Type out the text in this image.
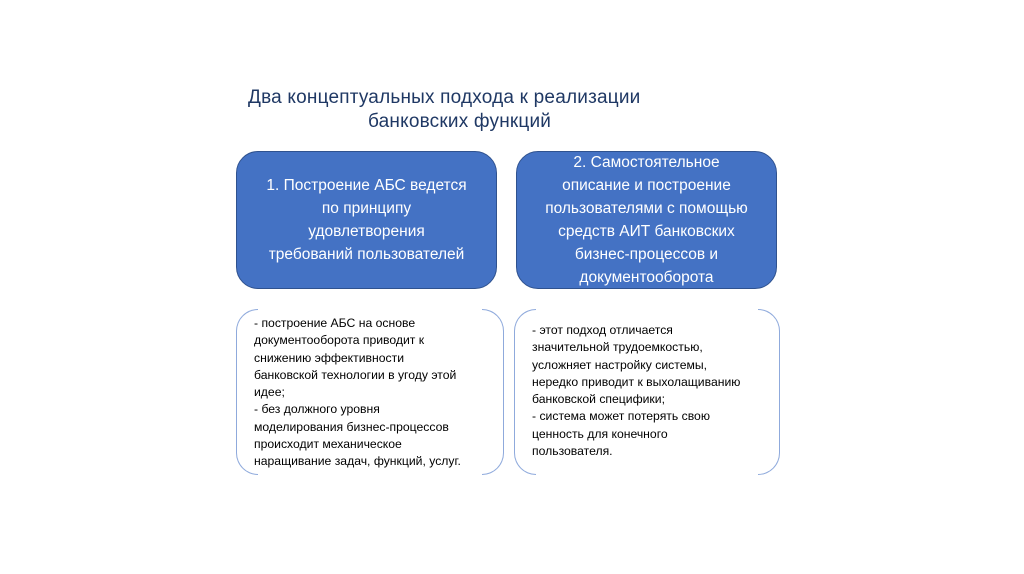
Два концептуальных подхода к реализации
банковских функций
1. Построение АБС ведется
по принципу
удовлетворения
требований пользователей
2. Самостоятельное
описание и построение
пользователями с помощью
средств АИТ банковских
бизнес-процессов и
документооборота
- построение АБС на основе
документооборота приводит к
снижению эффективности
банковской технологии в угоду этой
идее;
- без должного уровня
моделирования бизнес-процессов
происходит механическое
наращивание задач, функций, услуг.
- этот подход отличается
значительной трудоемкостью,
усложняет настройку системы,
нередко приводит к выхолащиванию
банковской специфики;
- система может потерять свою
ценность для конечного
пользователя.
